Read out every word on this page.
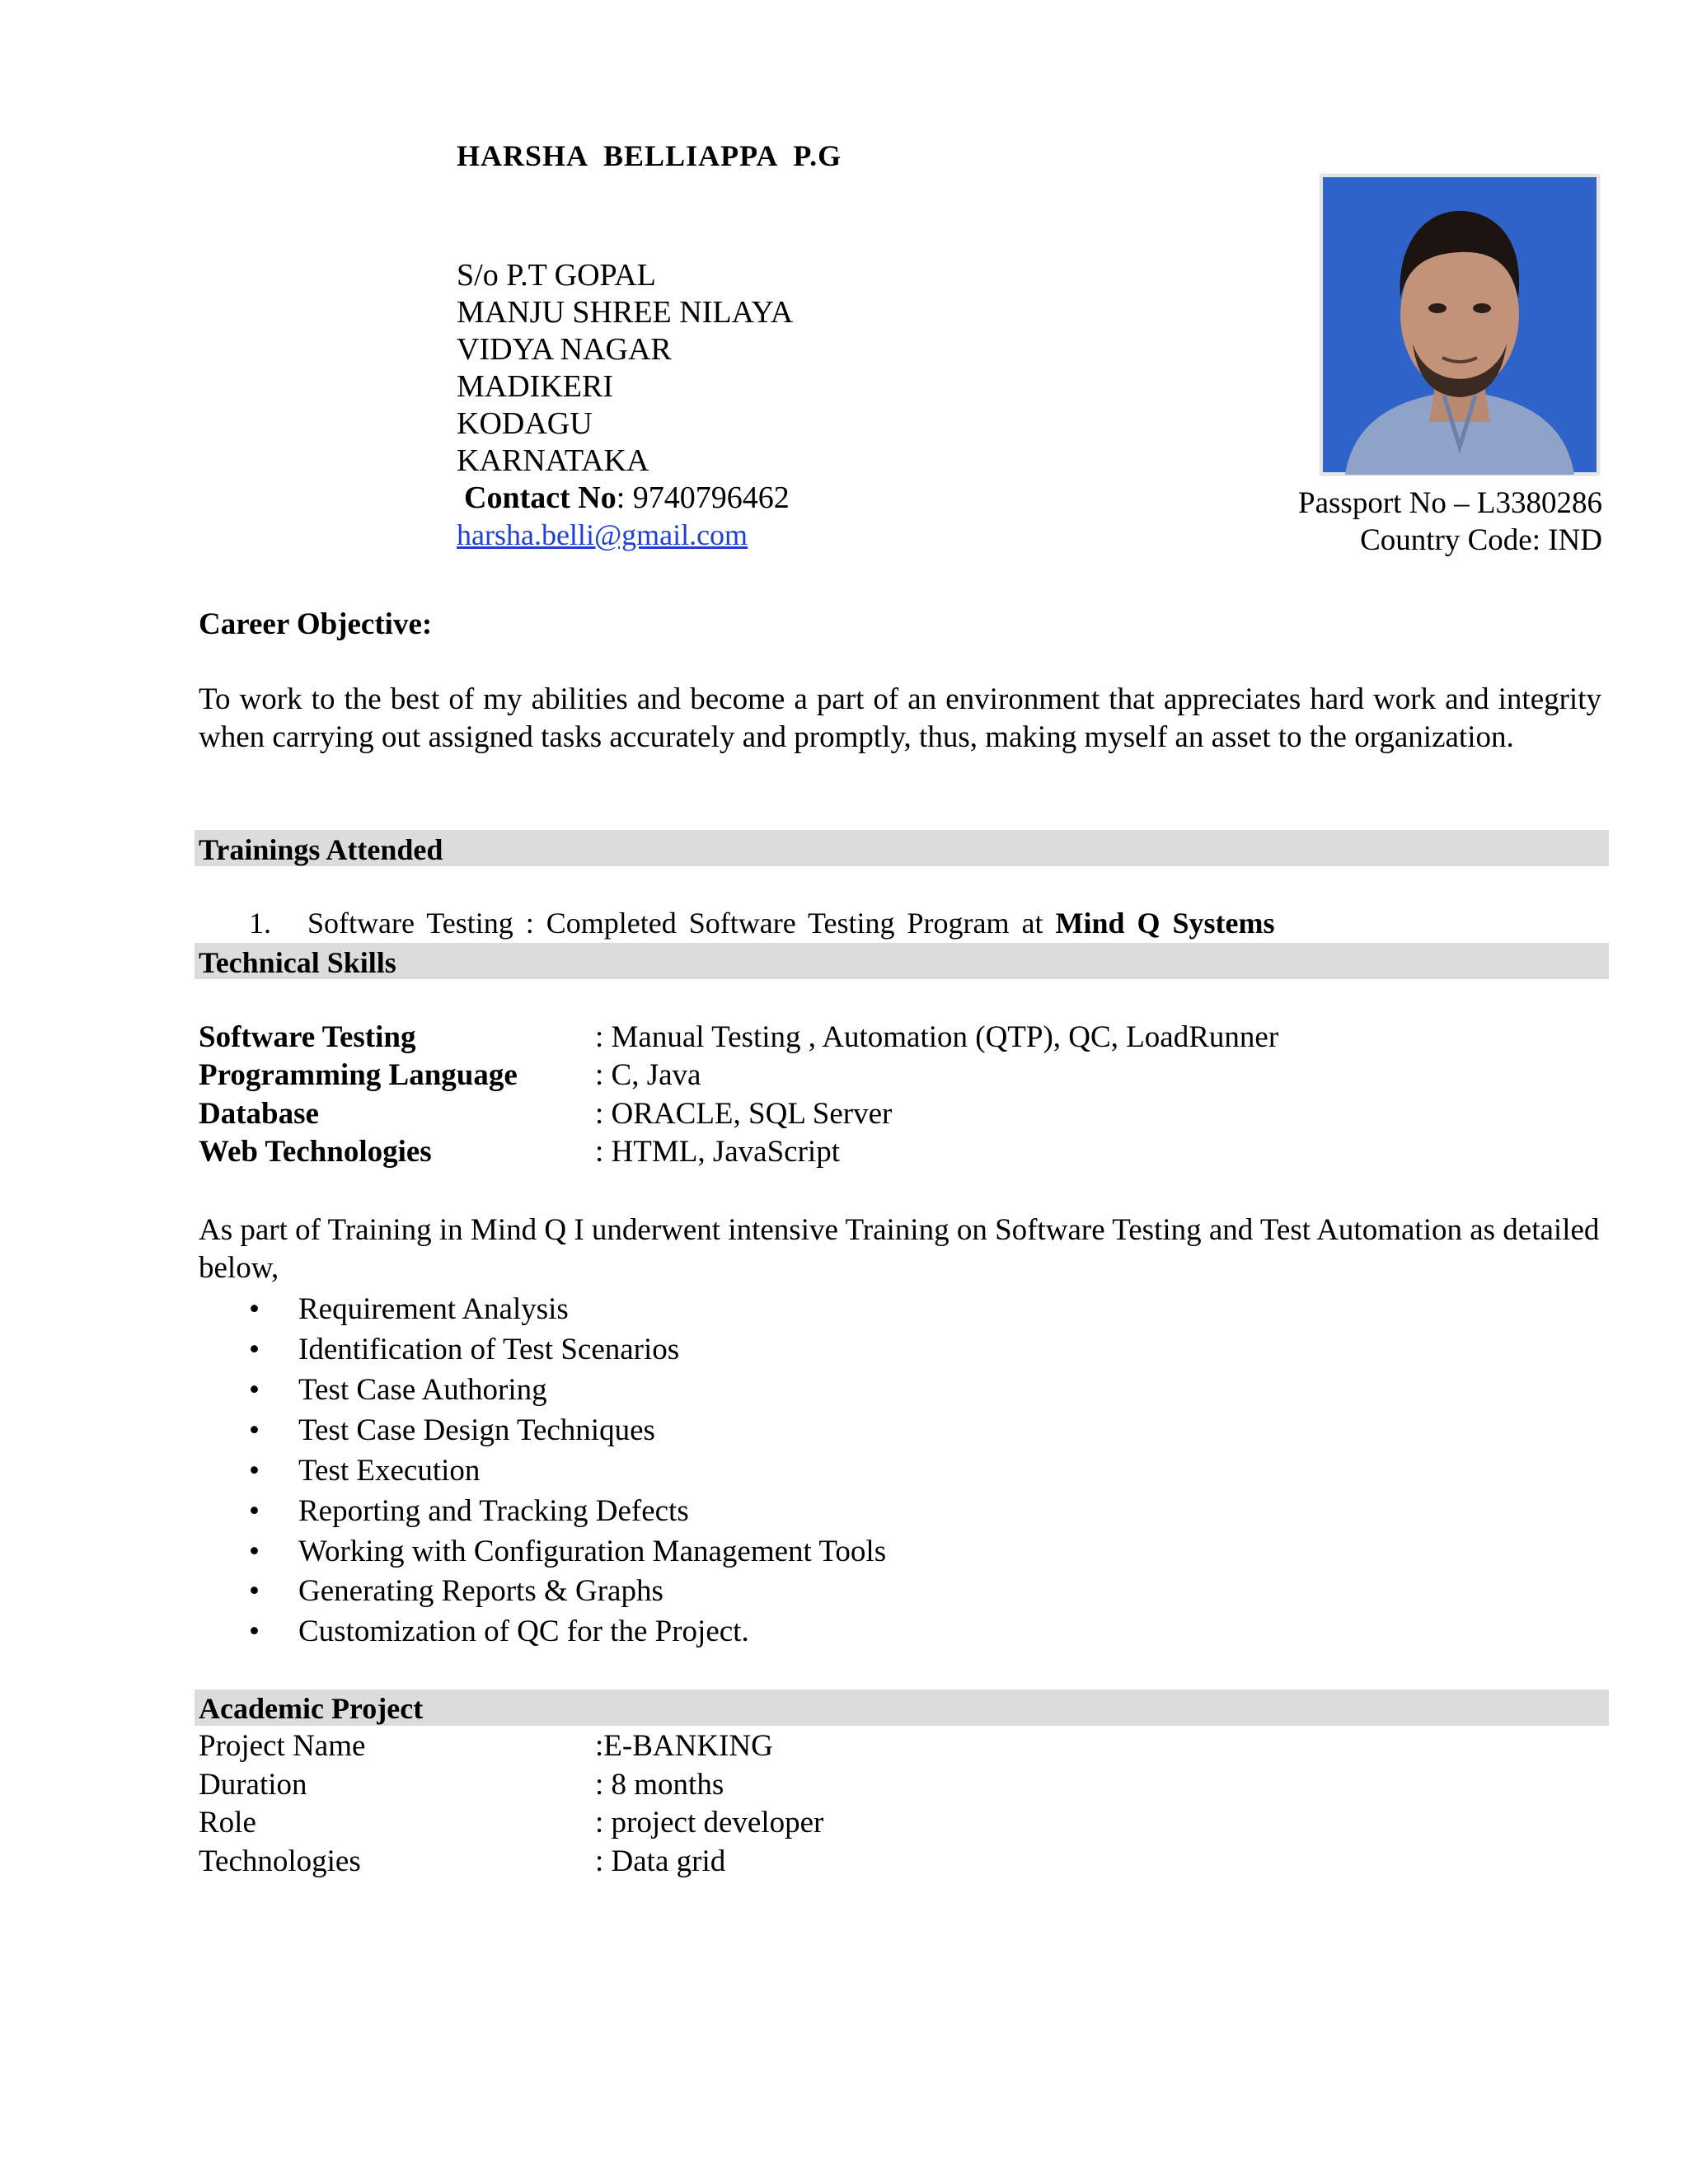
HARSHA BELLIAPPA P.G
S/o P.T GOPAL
MANJU SHREE NILAYA
VIDYA NAGAR
MADIKERI
KODAGU
KARNATAKA
Contact No: 9740796462
harsha.belli@gmail.com
Passport No – L3380286
Country Code: IND
Career Objective:
To work to the best of my abilities and become a part of an environment that appreciates hard work and integrity when carrying out assigned tasks accurately and promptly, thus, making myself an asset to the organization.
Trainings Attended
1. Software Testing : Completed Software Testing Program at Mind Q Systems
Technical Skills
Software Testing	: Manual Testing , Automation (QTP), QC, LoadRunner
Programming Language	: C, Java
Database	: ORACLE, SQL Server
Web Technologies	: HTML, JavaScript
As part of Training in Mind Q I underwent intensive Training on Software Testing and Test Automation as detailed below,
• Requirement Analysis
• Identification of Test Scenarios
• Test Case Authoring
• Test Case Design Techniques
• Test Execution
• Reporting and Tracking Defects
• Working with Configuration Management Tools
• Generating Reports & Graphs
• Customization of QC for the Project.
Academic Project
Project Name	:E-BANKING
Duration	: 8 months
Role	: project developer
Technologies	: Data grid
